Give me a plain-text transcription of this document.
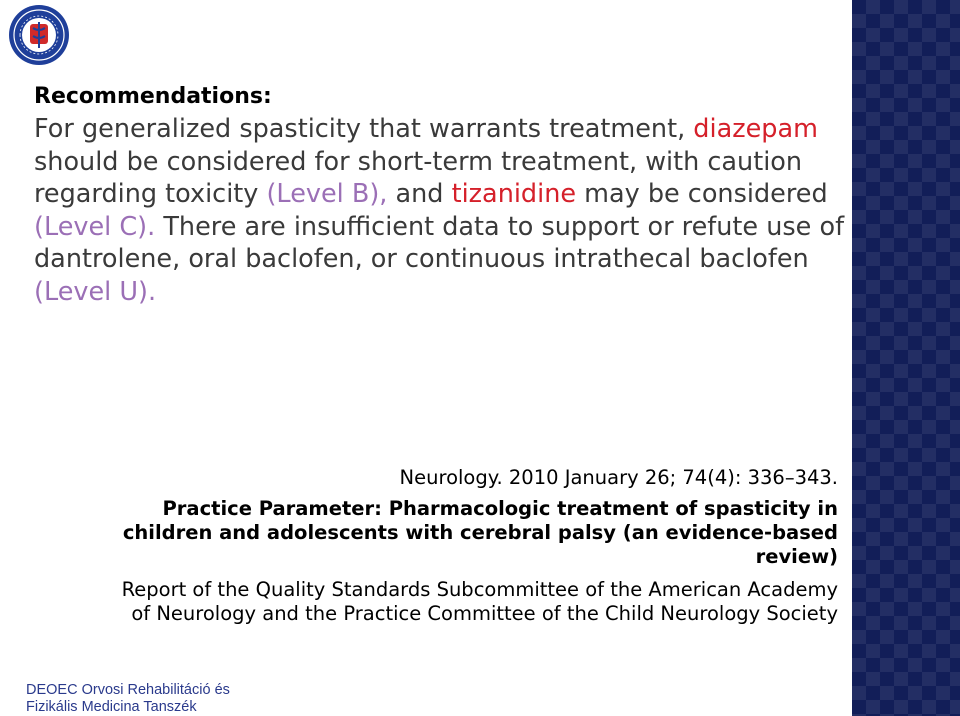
Recommendations:

For generalized spasticity that warrants treatment, diazepam should be considered for short-term treatment, with caution regarding toxicity (Level B), and tizanidine may be considered (Level C). There are insufficient data to support or refute use of dantrolene, oral baclofen, or continuous intrathecal baclofen (Level U).

Neurology. 2010 January 26; 74(4): 336–343.

Practice Parameter: Pharmacologic treatment of spasticity in children and adolescents with cerebral palsy (an evidence-based review)

Report of the Quality Standards Subcommittee of the American Academy of Neurology and the Practice Committee of the Child Neurology Society

DEOEC Orvosi Rehabilitáció és
Fizikális Medicina Tanszék
